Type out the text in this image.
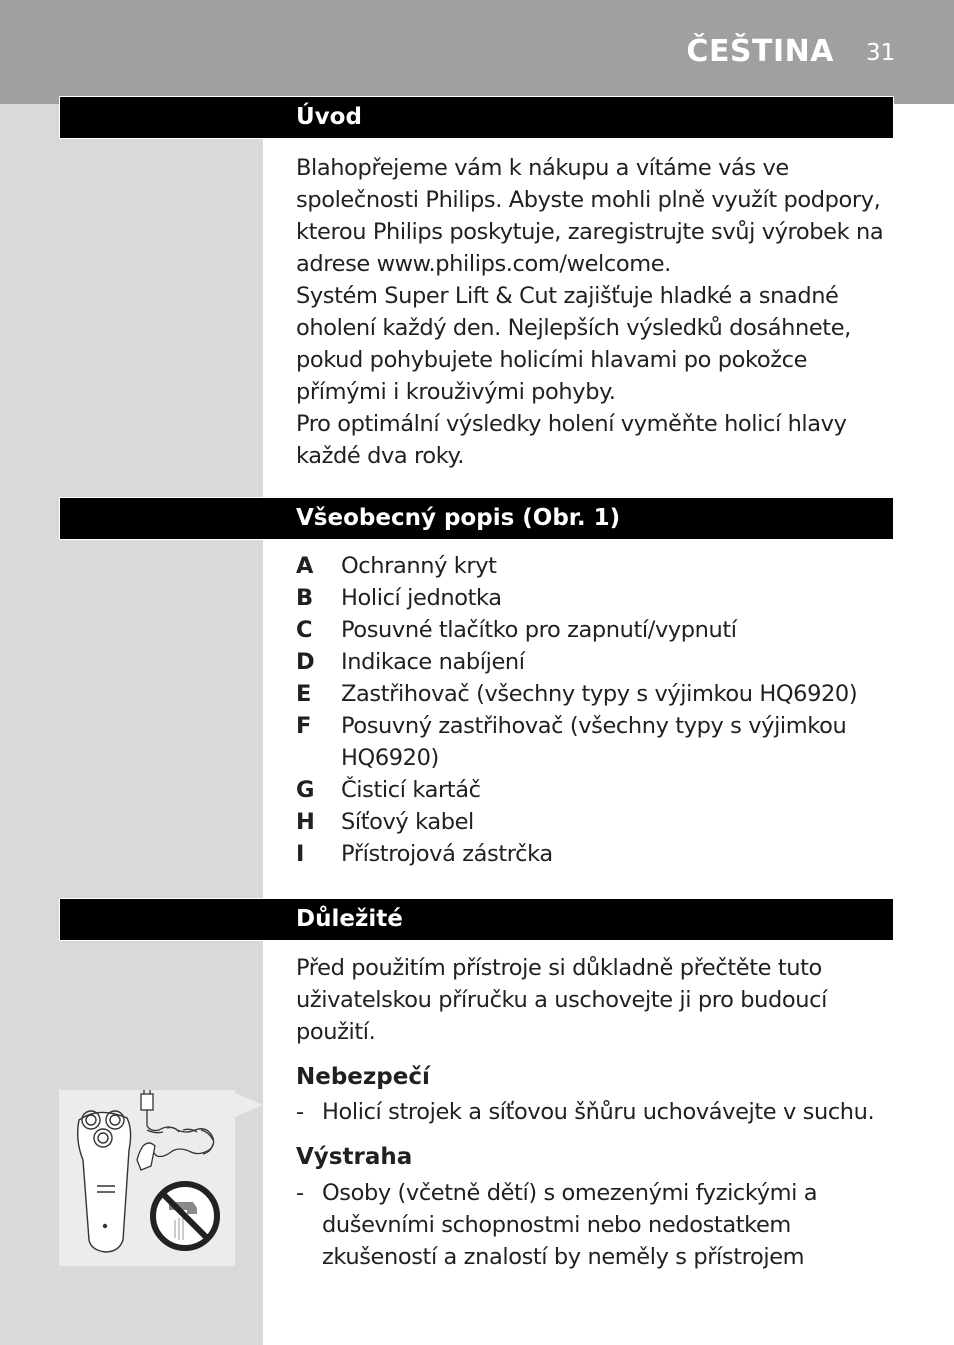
ČEŠTINA 31
Úvod

Blahopřejeme vám k nákupu a vítáme vás ve společnosti Philips. Abyste mohli plně využít podpory, kterou Philips poskytuje, zaregistrujte svůj výrobek na adrese www.philips.com/welcome.

Systém Super Lift & Cut zajišťuje hladké a snadné oholení každý den. Nejlepších výsledků dosáhnete, pokud pohybujete holicími hlavami po pokožce přímými i krouživými pohyby.

Pro optimální výsledky holení vyměňte holicí hlavy každé dva roky.

Všeobecný popis (Obr. 1)
A	Ochranný kryt
B	Holicí jednotka
C	Posuvné tlačítko pro zapnutí/vypnutí
D	Indikace nabíjení
E	Zastřihovač (všechny typy s výjimkou HQ6920)
F	Posuvný zastřihovač (všechny typy s výjimkou HQ6920)
G	Čisticí kartáč
H	Síťový kabel
I	Přístrojová zástrčka
Důležité

Před použitím přístroje si důkladně přečtěte tuto uživatelskou příručku a uschovejte ji pro budoucí použití.

Nebezpečí
- Holicí strojek a síťovou šňůru uchovávejte v suchu.
Výstraha
- Osoby (včetně dětí) s omezenými fyzickými a duševními schopnostmi nebo nedostatkem zkušeností a znalostí by neměly s přístrojem
